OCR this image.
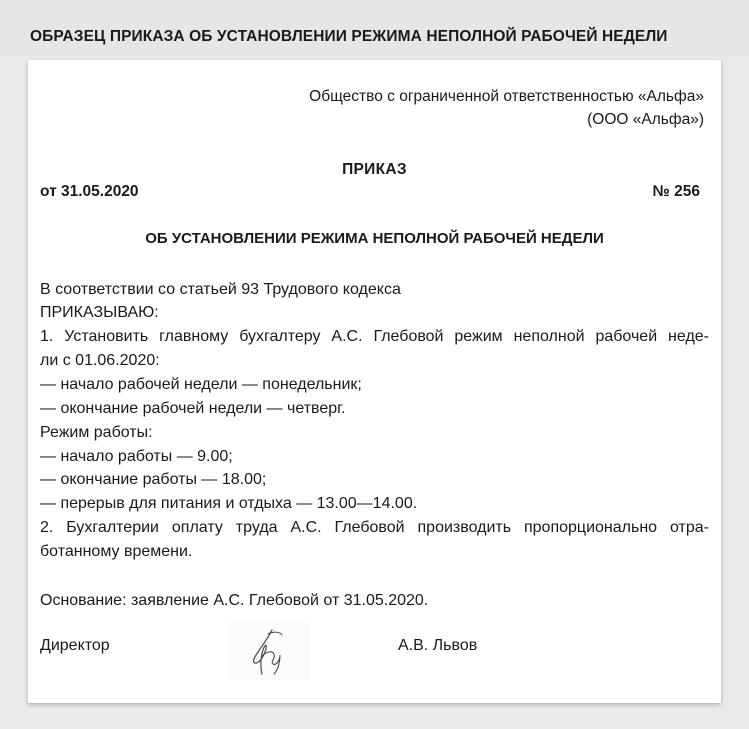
ОБРАЗЕЦ ПРИКАЗА ОБ УСТАНОВЛЕНИИ РЕЖИМА НЕПОЛНОЙ РАБОЧЕЙ НЕДЕЛИ
Общество с ограниченной ответственностью «Альфа»
(ООО «Альфа»)
ПРИКАЗ
от 31.05.2020	№ 256
ОБ УСТАНОВЛЕНИИ РЕЖИМА НЕПОЛНОЙ РАБОЧЕЙ НЕДЕЛИ
В соответствии со статьей 93 Трудового кодекса
ПРИКАЗЫВАЮ:
1. Установить главному бухгалтеру А.С. Глебовой режим неполной рабочей неде-
ли с 01.06.2020:
— начало рабочей недели — понедельник;
— окончание рабочей недели — четверг.
Режим работы:
— начало работы — 9.00;
— окончание работы — 18.00;
— перерыв для питания и отдыха — 13.00—14.00.
2. Бухгалтерии оплату труда А.С. Глебовой производить пропорционально отра-
ботанному времени.
Основание: заявление А.С. Глебовой от 31.05.2020.
Директор	А.В. Львов
